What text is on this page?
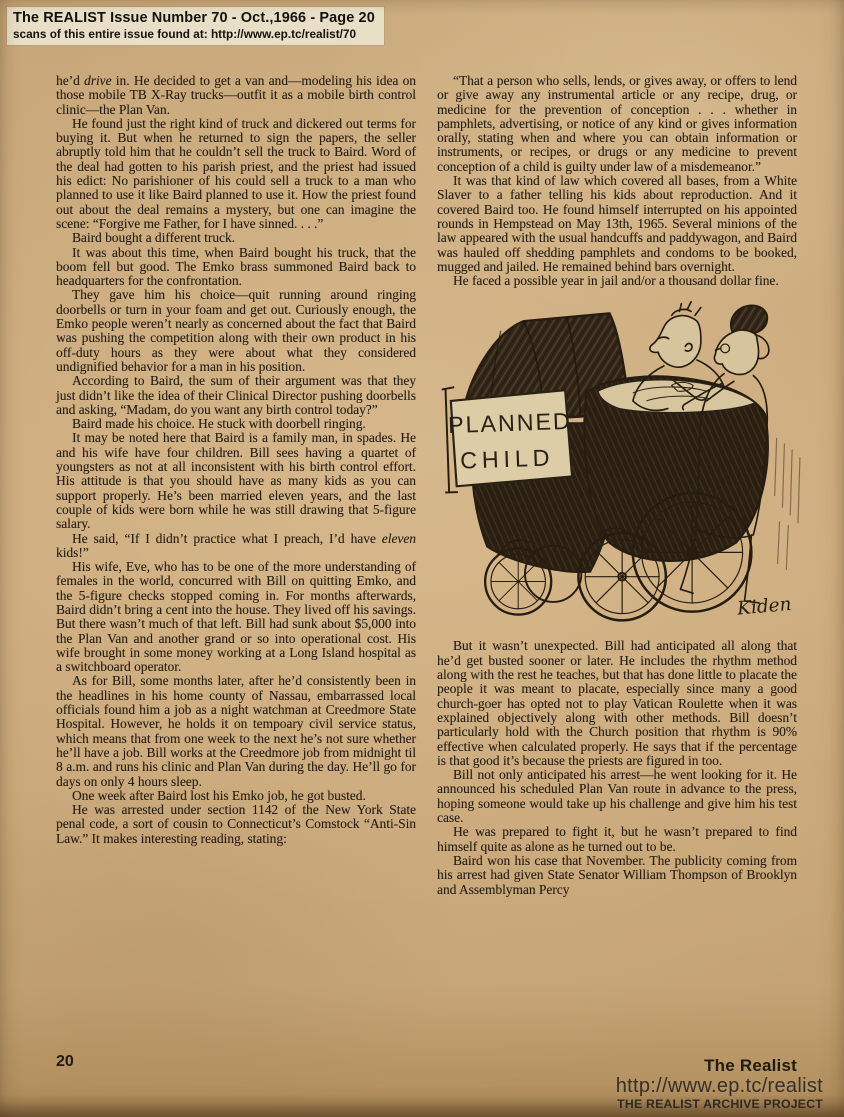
The REALIST Issue Number 70 - Oct.,1966 - Page 20
scans of this entire issue found at: http://www.ep.tc/realist/70

he’d drive in. He decided to get a van and—modeling his idea on those mobile TB X-Ray trucks—outfit it as a mobile birth control clinic—the Plan Van.

He found just the right kind of truck and dickered out terms for buying it. But when he returned to sign the papers, the seller abruptly told him that he couldn’t sell the truck to Baird. Word of the deal had gotten to his parish priest, and the priest had issued his edict: No parishioner of his could sell a truck to a man who planned to use it like Baird planned to use it. How the priest found out about the deal remains a mystery, but one can imagine the scene: “Forgive me Father, for I have sinned. . . .”

Baird bought a different truck.

It was about this time, when Baird bought his truck, that the boom fell but good. The Emko brass summoned Baird back to headquarters for the confrontation.

They gave him his choice—quit running around ringing doorbells or turn in your foam and get out. Curiously enough, the Emko people weren’t nearly as concerned about the fact that Baird was pushing the competition along with their own product in his off-duty hours as they were about what they considered undignified behavior for a man in his position.

According to Baird, the sum of their argument was that they just didn’t like the idea of their Clinical Director pushing doorbells and asking, “Madam, do you want any birth control today?”

Baird made his choice. He stuck with doorbell ringing.

It may be noted here that Baird is a family man, in spades. He and his wife have four children. Bill sees having a quartet of youngsters as not at all inconsistent with his birth control effort. His attitude is that you should have as many kids as you can support properly. He’s been married eleven years, and the last couple of kids were born while he was still drawing that 5-figure salary.

He said, “If I didn’t practice what I preach, I’d have eleven kids!”

His wife, Eve, who has to be one of the more understanding of females in the world, concurred with Bill on quitting Emko, and the 5-figure checks stopped coming in. For months afterwards, Baird didn’t bring a cent into the house. They lived off his savings. But there wasn’t much of that left. Bill had sunk about $5,000 into the Plan Van and another grand or so into operational cost. His wife brought in some money working at a Long Island hospital as a switchboard operator.

As for Bill, some months later, after he’d consistently been in the headlines in his home county of Nassau, embarrassed local officials found him a job as a night watchman at Creedmore State Hospital. However, he holds it on tempoary civil service status, which means that from one week to the next he’s not sure whether he’ll have a job. Bill works at the Creedmore job from midnight til 8 a.m. and runs his clinic and Plan Van during the day. He’ll go for days on only 4 hours sleep.

One week after Baird lost his Emko job, he got busted.

He was arrested under section 1142 of the New York State penal code, a sort of cousin to Connecticut’s Comstock “Anti-Sin Law.” It makes interesting reading, stating:

“That a person who sells, lends, or gives away, or offers to lend or give away any instrumental article or any recipe, drug, or medicine for the prevention of conception . . . whether in pamphlets, advertising, or notice of any kind or gives information orally, stating when and where you can obtain information or instruments, or recipes, or drugs or any medicine to prevent conception of a child is guilty under law of a misdemeanor.”

It was that kind of law which covered all bases, from a White Slaver to a father telling his kids about reproduction. And it covered Baird too. He found himself interrupted on his appointed rounds in Hempstead on May 13th, 1965. Several minions of the law appeared with the usual handcuffs and paddywagon, and Baird was hauled off shedding pamphlets and condoms to be booked, mugged and jailed. He remained behind bars overnight.

He faced a possible year in jail and/or a thousand dollar fine.

PLANNED
CHILD
Kiden

But it wasn’t unexpected. Bill had anticipated all along that he’d get busted sooner or later. He includes the rhythm method along with the rest he teaches, but that has done little to placate the people it was meant to placate, especially since many a good church-goer has opted not to play Vatican Roulette when it was explained objectively along with other methods. Bill doesn’t particularly hold with the Church position that rhythm is 90% effective when calculated properly. He says that if the percentage is that good it’s because the priests are figured in too.

Bill not only anticipated his arrest—he went looking for it. He announced his scheduled Plan Van route in advance to the press, hoping someone would take up his challenge and give him his test case.

He was prepared to fight it, but he wasn’t prepared to find himself quite as alone as he turned out to be.

Baird won his case that November. The publicity coming from his arrest had given State Senator William Thompson of Brooklyn and Assemblyman Percy

20	The Realist
http://www.ep.tc/realist
THE REALIST ARCHIVE PROJECT
